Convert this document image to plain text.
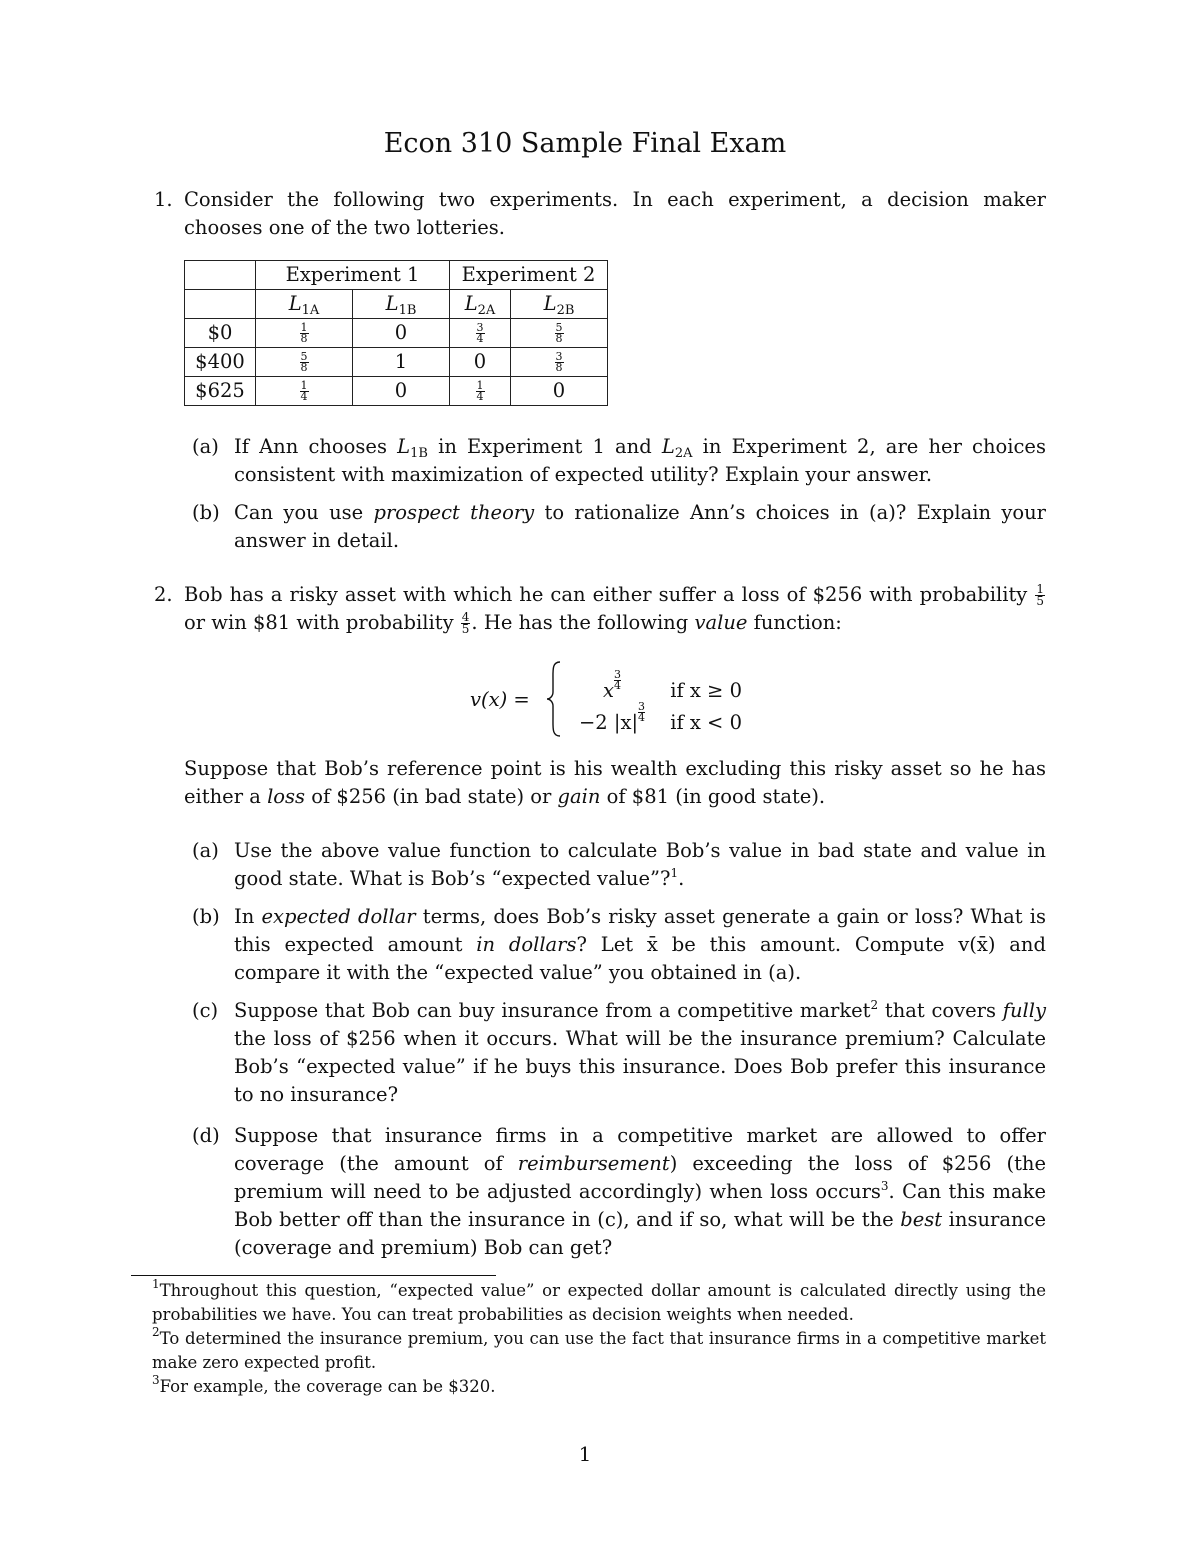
Econ 310 Sample Final Exam
1. Consider the following two experiments. In each experiment, a decision maker chooses one of the two lotteries.
	Experiment 1		Experiment 2	
	$L_{1A}$	$L_{1B}$	$L_{2A}$	$L_{2B}$
$0	$\frac{1}{8}$	0	$\frac{3}{4}$	$\frac{5}{8}$

$400	$\frac{5}{8}$	1	0	$\frac{3}{8}$

$625	$\frac{1}{4}$	0	$\frac{1}{4}$	0
(a) If Ann chooses $L_{1B}$ in Experiment 1 and $L_{2A}$ in Experiment 2, are her choices consistent with maximization of expected utility? Explain your answer.
(b) Can you use prospect theory to rationalize Ann’s choices in (a)? Explain your answer in detail.
2. Bob has a risky asset with which he can either suffer a loss of $256 with probability $\frac{1}{5}$
or win $81 with probability $\frac{4}{5}$ . He has the following value function:
v(x) =	x $\frac{3}{4}$	if x ≥ 0
−2 $|x| \frac{3}{4}$ if x < 0
Suppose that Bob’s reference point is his wealth excluding this risky asset so he has either a loss of $256 (in bad state) or gain of $81 (in good state).
(a) Use the above value function to calculate Bob’s value in bad state and value in good state. What is Bob’s “expected value”?$^1$.
(b) In expected dollar terms, does Bob’s risky asset generate a gain or loss? What is this expected amount in dollars? Let x̄ be this amount. Compute v(x̄) and compare it with the “expected value” you obtained in (a).
(c) Suppose that Bob can buy insurance from a competitive market$^2$ that covers fully the loss of $256 when it occurs. What will be the insurance premium? Calculate Bob’s “expected value” if he buys this insurance. Does Bob prefer this insurance to no insurance?
(d) Suppose that insurance firms in a competitive market are allowed to offer coverage (the amount of reimbursement) exceeding the loss of $256 (the premium will need to be adjusted accordingly) when loss occurs$^3$. Can this make Bob better off than the insurance in (c), and if so, what will be the best insurance (coverage and premium) Bob can get?
$^1$Throughout this question, “expected value” or expected dollar amount is calculated directly using the probabilities we have. You can treat probabilities as decision weights when needed.
$^2$To determined the insurance premium, you can use the fact that insurance firms in a competitive market make zero expected profit.
$^3$For example, the coverage can be $320.
1
